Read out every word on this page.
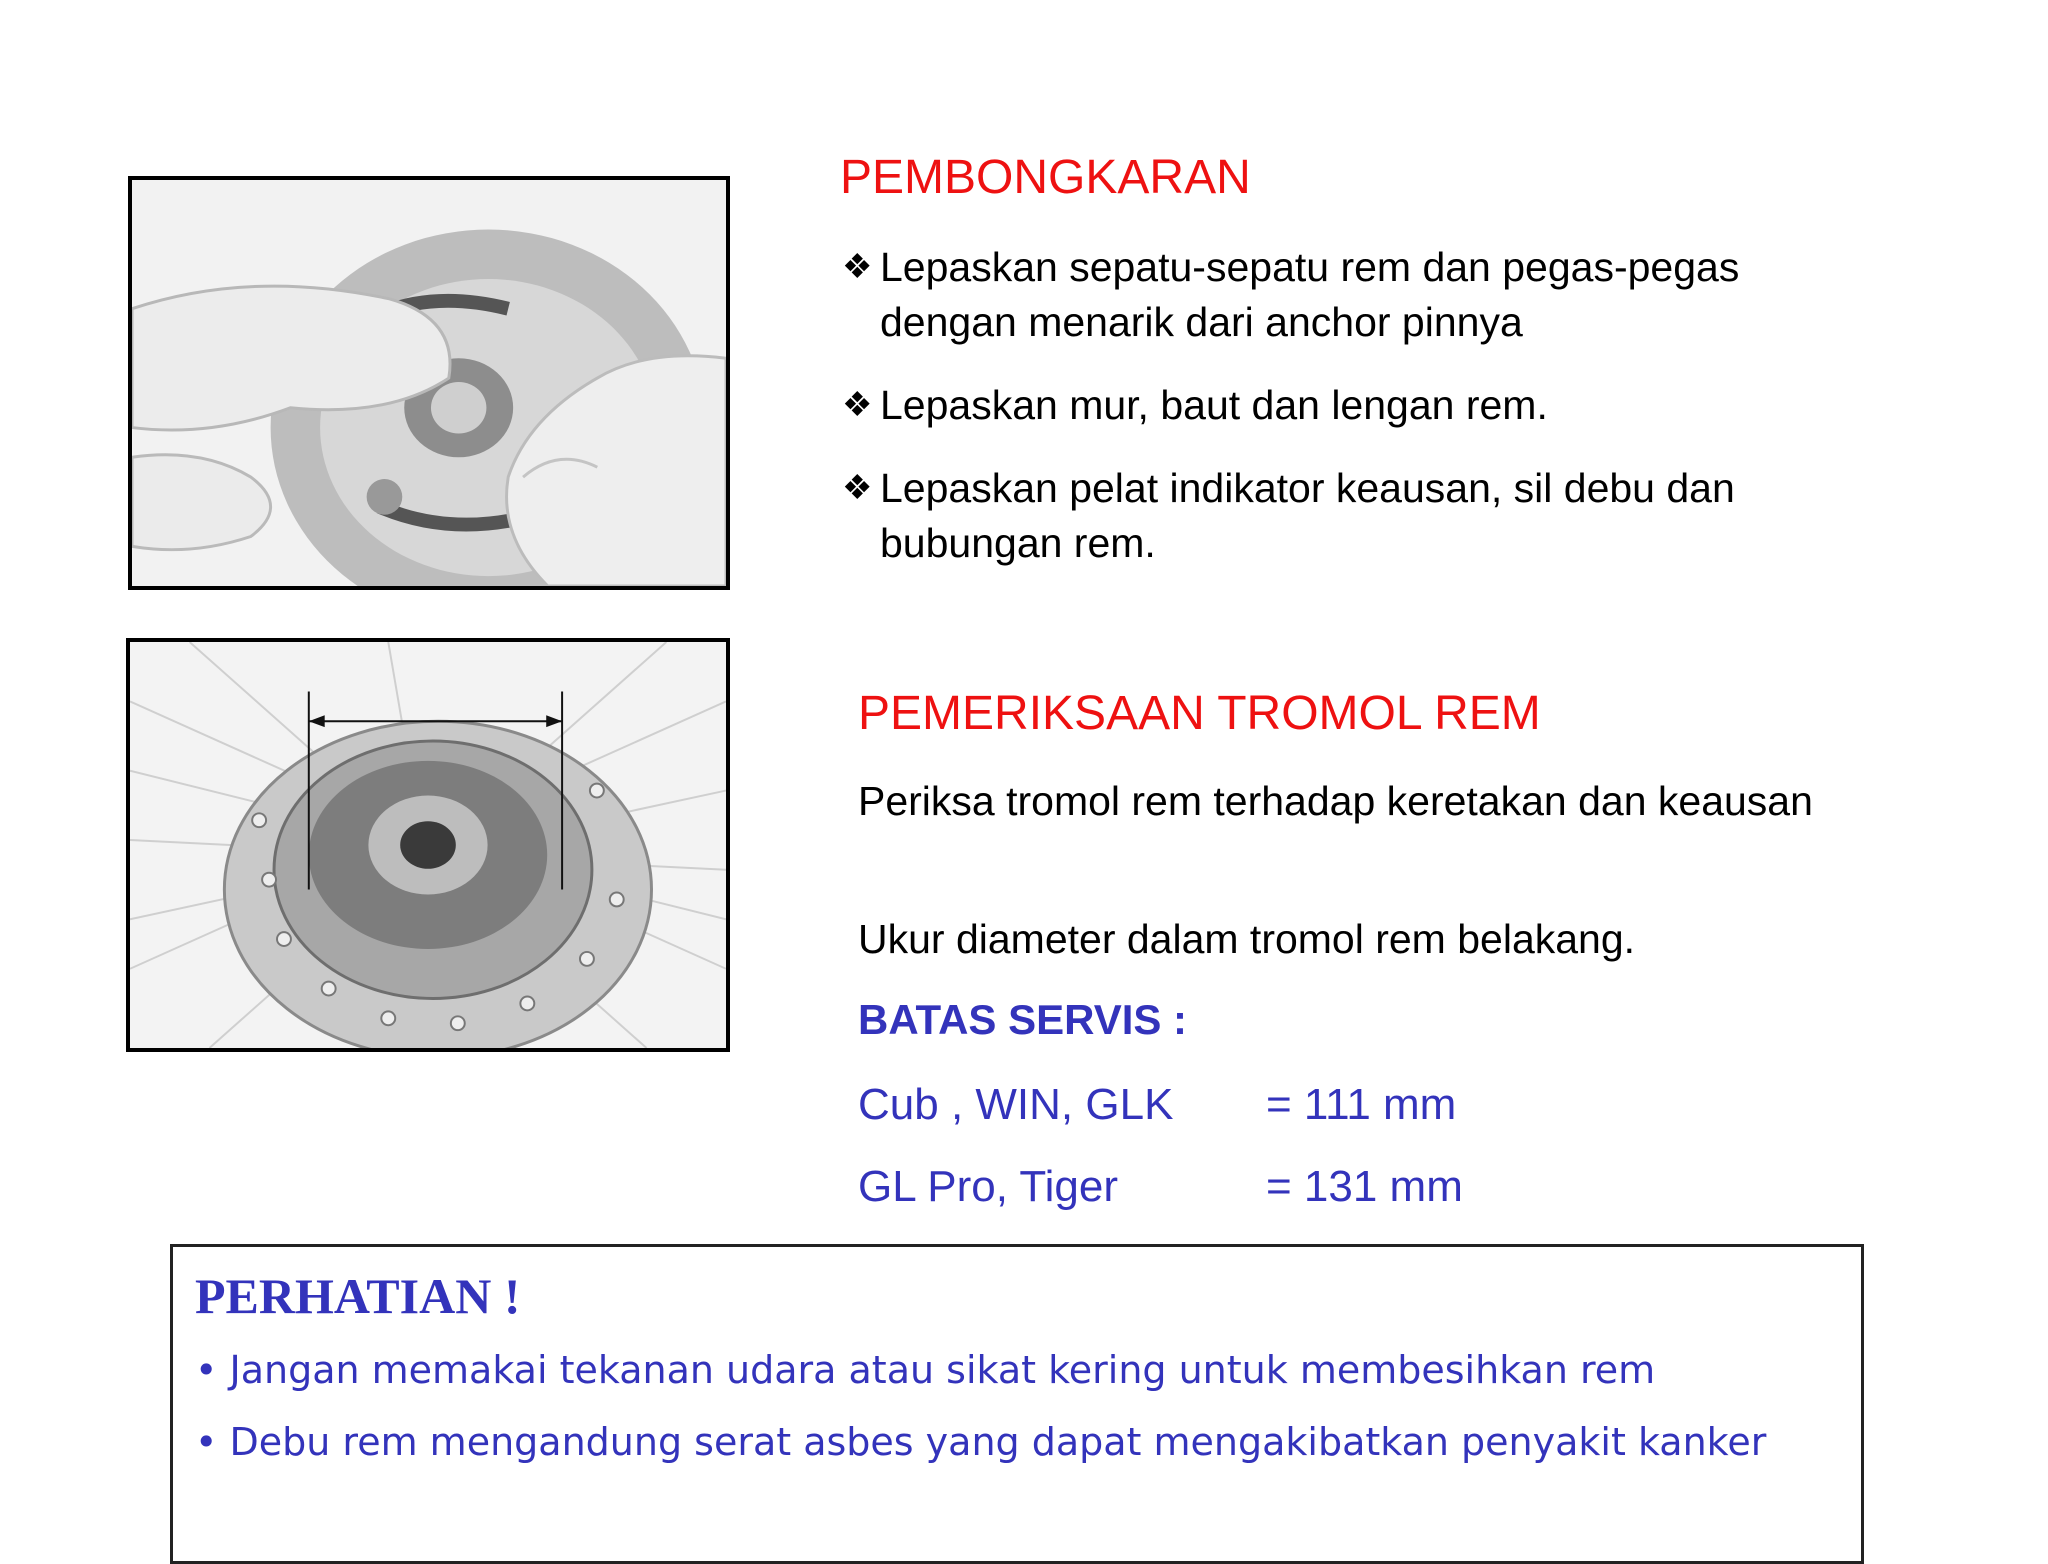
PEMBONGKARAN
❖ Lepaskan sepatu-sepatu rem dan pegas-pegas dengan menarik dari anchor pinnya
❖ Lepaskan mur, baut dan lengan rem.
❖ Lepaskan pelat indikator keausan, sil debu dan bubungan rem.
PEMERIKSAAN TROMOL REM
Periksa tromol rem terhadap keretakan dan keausan
Ukur diameter dalam tromol rem belakang.
BATAS SERVIS :
Cub , WIN, GLK = 111 mm
GL Pro, Tiger	= 131 mm
PERHATIAN !
• Jangan memakai tekanan udara atau sikat kering untuk membesihkan rem
• Debu rem mengandung serat asbes yang dapat mengakibatkan penyakit kanker
